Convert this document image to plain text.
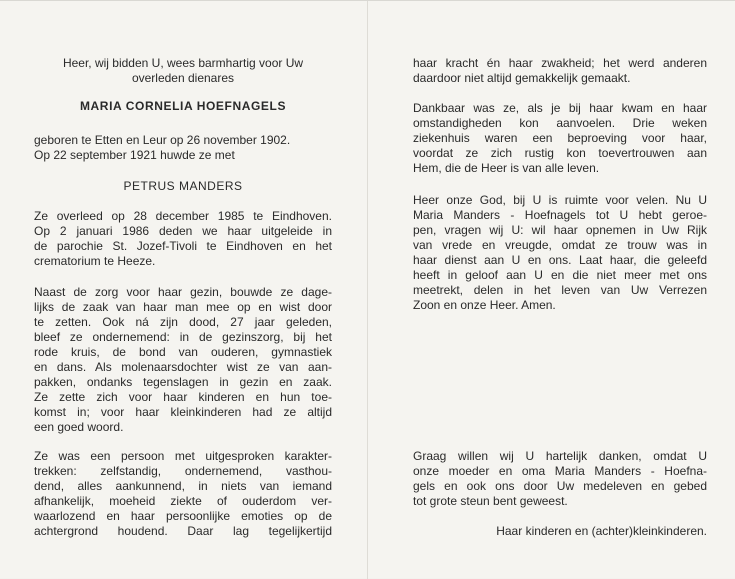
Heer, wij bidden U, wees barmhartig voor Uw
overleden dienares

MARIA CORNELIA HOEFNAGELS

geboren te Etten en Leur op 26 november 1902.
Op 22 september 1921 huwde ze met

PETRUS MANDERS

Ze overleed op 28 december 1985 te Eindhoven.
Op 2 januari 1986 deden we haar uitgeleide in
de parochie St. Jozef-Tivoli te Eindhoven en het
crematorium te Heeze.

Naast de zorg voor haar gezin, bouwde ze dage-
lijks de zaak van haar man mee op en wist door
te zetten. Ook ná zijn dood, 27 jaar geleden,
bleef ze ondernemend: in de gezinszorg, bij het
rode kruis, de bond van ouderen, gymnastiek
en dans. Als molenaarsdochter wist ze van aan-
pakken, ondanks tegenslagen in gezin en zaak.
Ze zette zich voor haar kinderen en hun toe-
komst in; voor haar kleinkinderen had ze altijd
een goed woord.

Ze was een persoon met uitgesproken karakter-
trekken: zelfstandig, ondernemend, vasthou-
dend, alles aankunnend, in niets van iemand
afhankelijk, moeheid ziekte of ouderdom ver-
waarlozend en haar persoonlijke emoties op de
achtergrond houdend. Daar lag tegelijkertijd

haar kracht én haar zwakheid; het werd anderen
daardoor niet altijd gemakkelijk gemaakt.

Dankbaar was ze, als je bij haar kwam en haar
omstandigheden kon aanvoelen. Drie weken
ziekenhuis waren een beproeving voor haar,
voordat ze zich rustig kon toevertrouwen aan
Hem, die de Heer is van alle leven.

Heer onze God, bij U is ruimte voor velen. Nu U
Maria Manders - Hoefnagels tot U hebt geroe-
pen, vragen wij U: wil haar opnemen in Uw Rijk
van vrede en vreugde, omdat ze trouw was in
haar dienst aan U en ons. Laat haar, die geleefd
heeft in geloof aan U en die niet meer met ons
meetrekt, delen in het leven van Uw Verrezen
Zoon en onze Heer. Amen.

Graag willen wij U hartelijk danken, omdat U
onze moeder en oma Maria Manders - Hoefna-
gels en ook ons door Uw medeleven en gebed
tot grote steun bent geweest.

Haar kinderen en (achter)kleinkinderen.
